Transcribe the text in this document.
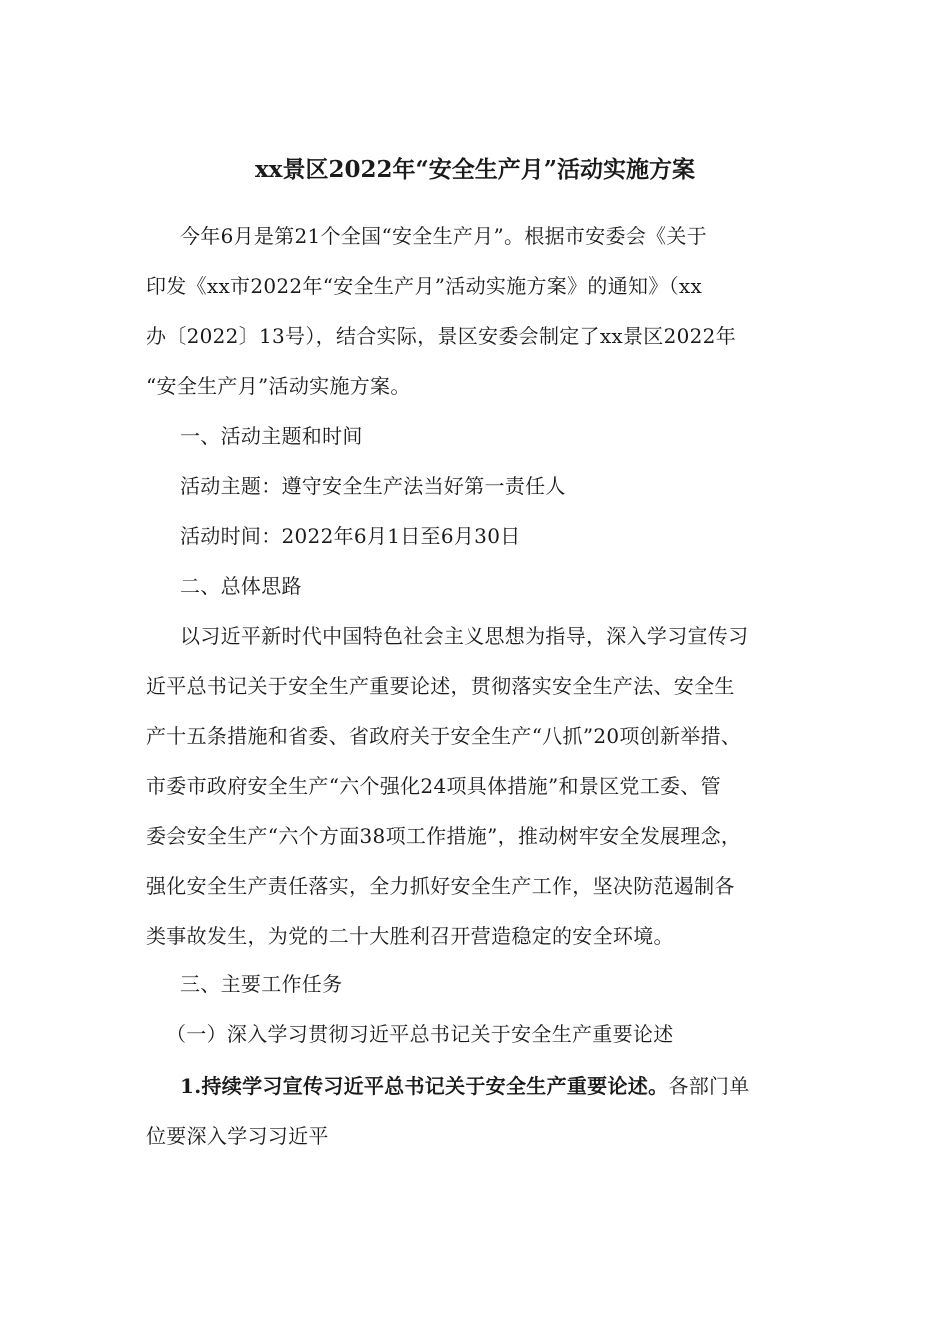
xx景区2022年“安全生产月”活动实施方案
今年6月是第21个全国“安全生产月”。根据市安委会《关于
印发《xx市2022年“安全生产月”活动实施方案》的通知》（xx
办〔2022〕13号），结合实际，景区安委会制定了xx景区2022年
“安全生产月”活动实施方案。
一、活动主题和时间
活动主题：遵守安全生产法当好第一责任人
活动时间：2022年6月1日至6月30日
二、总体思路
以习近平新时代中国特色社会主义思想为指导，深入学习宣传习
近平总书记关于安全生产重要论述，贯彻落实安全生产法、安全生
产十五条措施和省委、省政府关于安全生产“八抓”20项创新举措、
市委市政府安全生产“六个强化24项具体措施”和景区党工委、管
委会安全生产“六个方面38项工作措施”，推动树牢安全发展理念，
强化安全生产责任落实，全力抓好安全生产工作，坚决防范遏制各
类事故发生，为党的二十大胜利召开营造稳定的安全环境。
三、主要工作任务
（一）深入学习贯彻习近平总书记关于安全生产重要论述
1.持续学习宣传习近平总书记关于安全生产重要论述。各部门单
位要深入学习习近平
